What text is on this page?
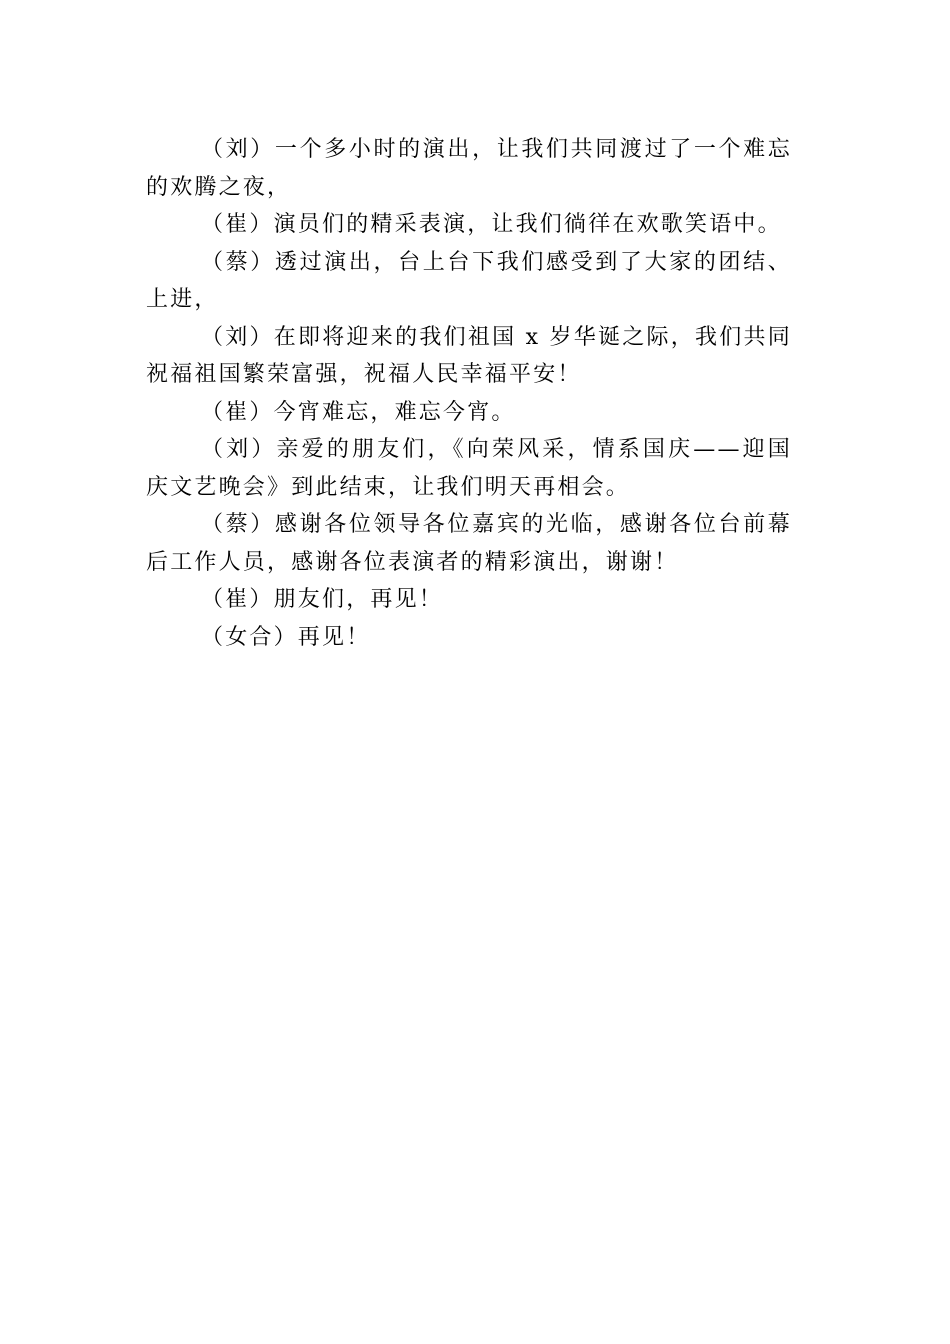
（刘）一个多小时的演出，让我们共同渡过了一个难忘的欢腾之夜，

（崔）演员们的精采表演，让我们徜徉在欢歌笑语中。

（蔡）透过演出，台上台下我们感受到了大家的团结、上进，

（刘）在即将迎来的我们祖国 x 岁华诞之际，我们共同祝福祖国繁荣富强，祝福人民幸福平安！

（崔）今宵难忘，难忘今宵。

（刘）亲爱的朋友们，《向荣风采，情系国庆——迎国庆文艺晚会》到此结束，让我们明天再相会。

（蔡）感谢各位领导各位嘉宾的光临，感谢各位台前幕后工作人员，感谢各位表演者的精彩演出，谢谢！

（崔）朋友们，再见！

（女合）再见！
